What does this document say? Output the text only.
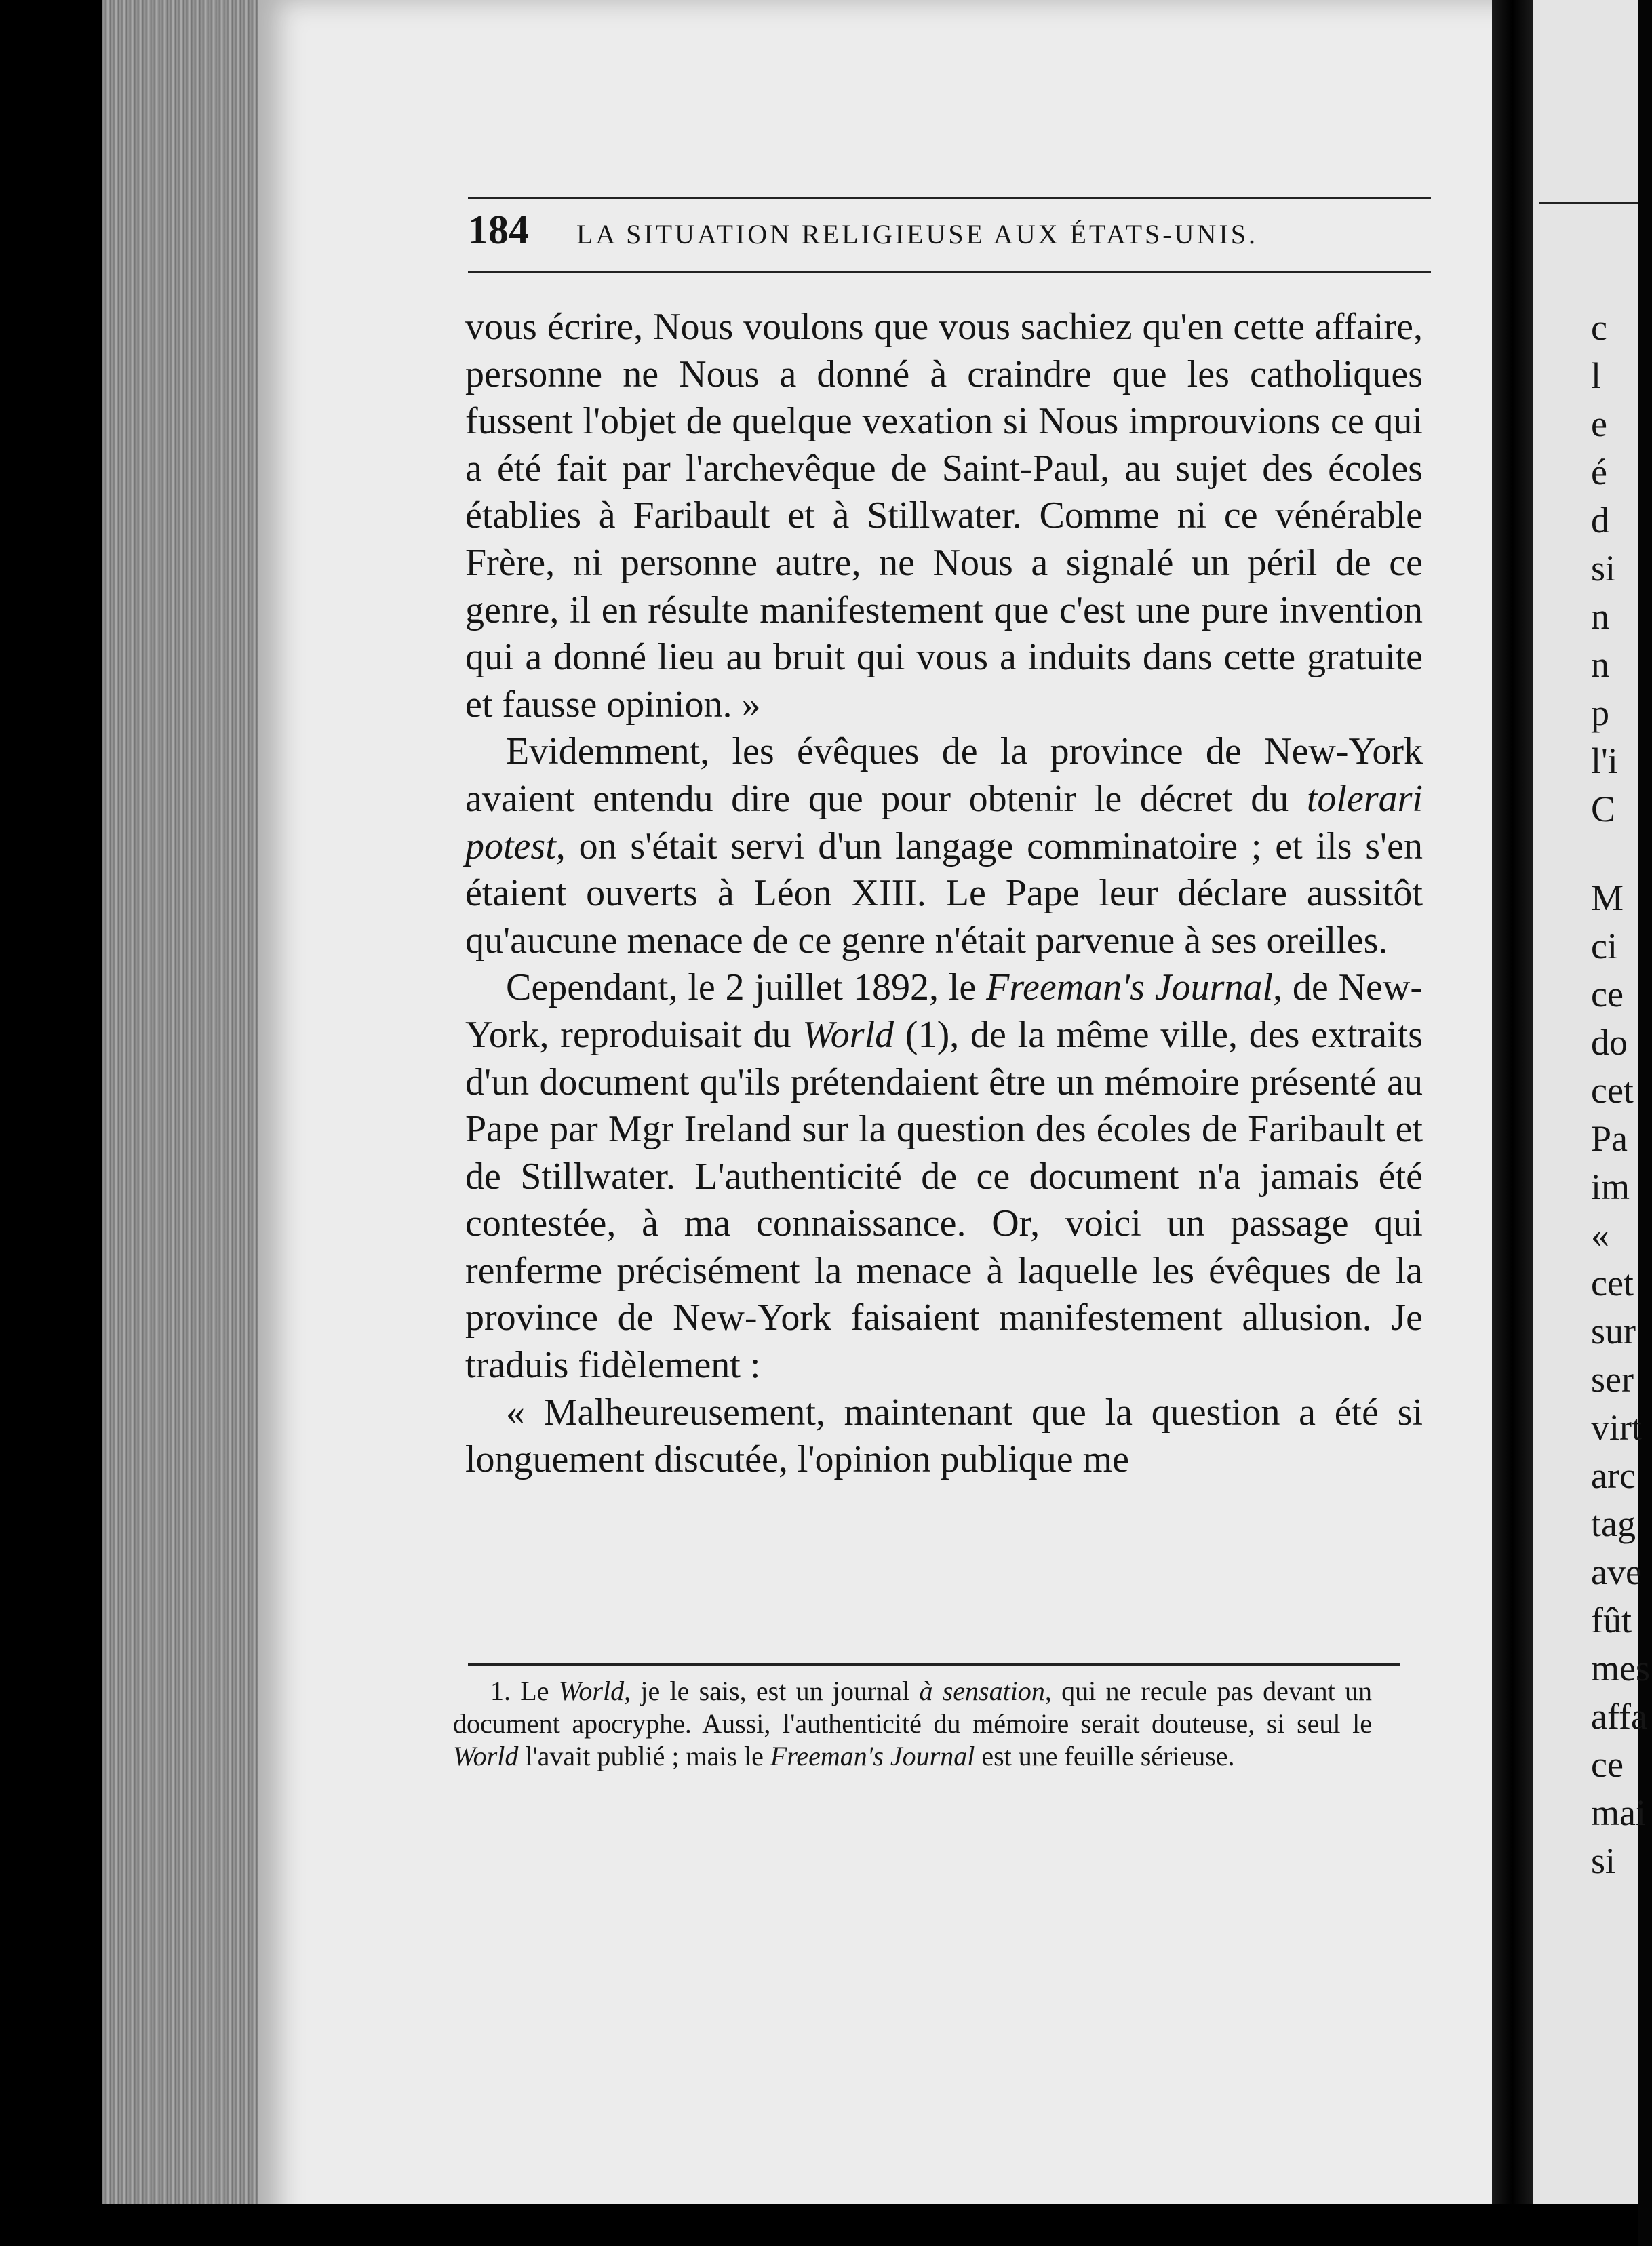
184 LA SITUATION RELIGIEUSE AUX ÉTATS-UNIS.

vous écrire, Nous voulons que vous sachiez qu'en cette affaire, personne ne Nous a donné à craindre que les catholiques fussent l'objet de quelque vexation si Nous improuvions ce qui a été fait par l'archevêque de Saint-Paul, au sujet des écoles établies à Faribault et à Stillwater. Comme ni ce vénérable Frère, ni personne autre, ne Nous a signalé un péril de ce genre, il en résulte manifestement que c'est une pure invention qui a donné lieu au bruit qui vous a induits dans cette gratuite et fausse opinion. »

Evidemment, les évêques de la province de New-York avaient entendu dire que pour obtenir le décret du tolerari potest, on s'était servi d'un langage comminatoire ; et ils s'en étaient ouverts à Léon XIII. Le Pape leur déclare aussitôt qu'aucune menace de ce genre n'était parvenue à ses oreilles.

Cependant, le 2 juillet 1892, le Freeman's Journal, de New-York, reproduisait du World (1), de la même ville, des extraits d'un document qu'ils prétendaient être un mémoire présenté au Pape par Mgr Ireland sur la question des écoles de Faribault et de Stillwater. L'authenticité de ce document n'a jamais été contestée, à ma connaissance. Or, voici un passage qui renferme précisément la menace à laquelle les évêques de la province de New-York faisaient manifestement allusion. Je traduis fidèlement :

« Malheureusement, maintenant que la question a été si longuement discutée, l'opinion publique me

1. Le World, je le sais, est un journal à sensation, qui ne recule pas devant un document apocryphe. Aussi, l'authenticité du mémoire serait douteuse, si seul le World l'avait publié ; mais le Freeman's Journal est une feuille sérieuse.
c
l
e
é
d
si
n
n
p
l'i
C
M
ci
ce
do
cet
Pa
im
«
cet
sur
ser
virt
arc
tag
ave
fût
mes
affa
ce
mai
si
